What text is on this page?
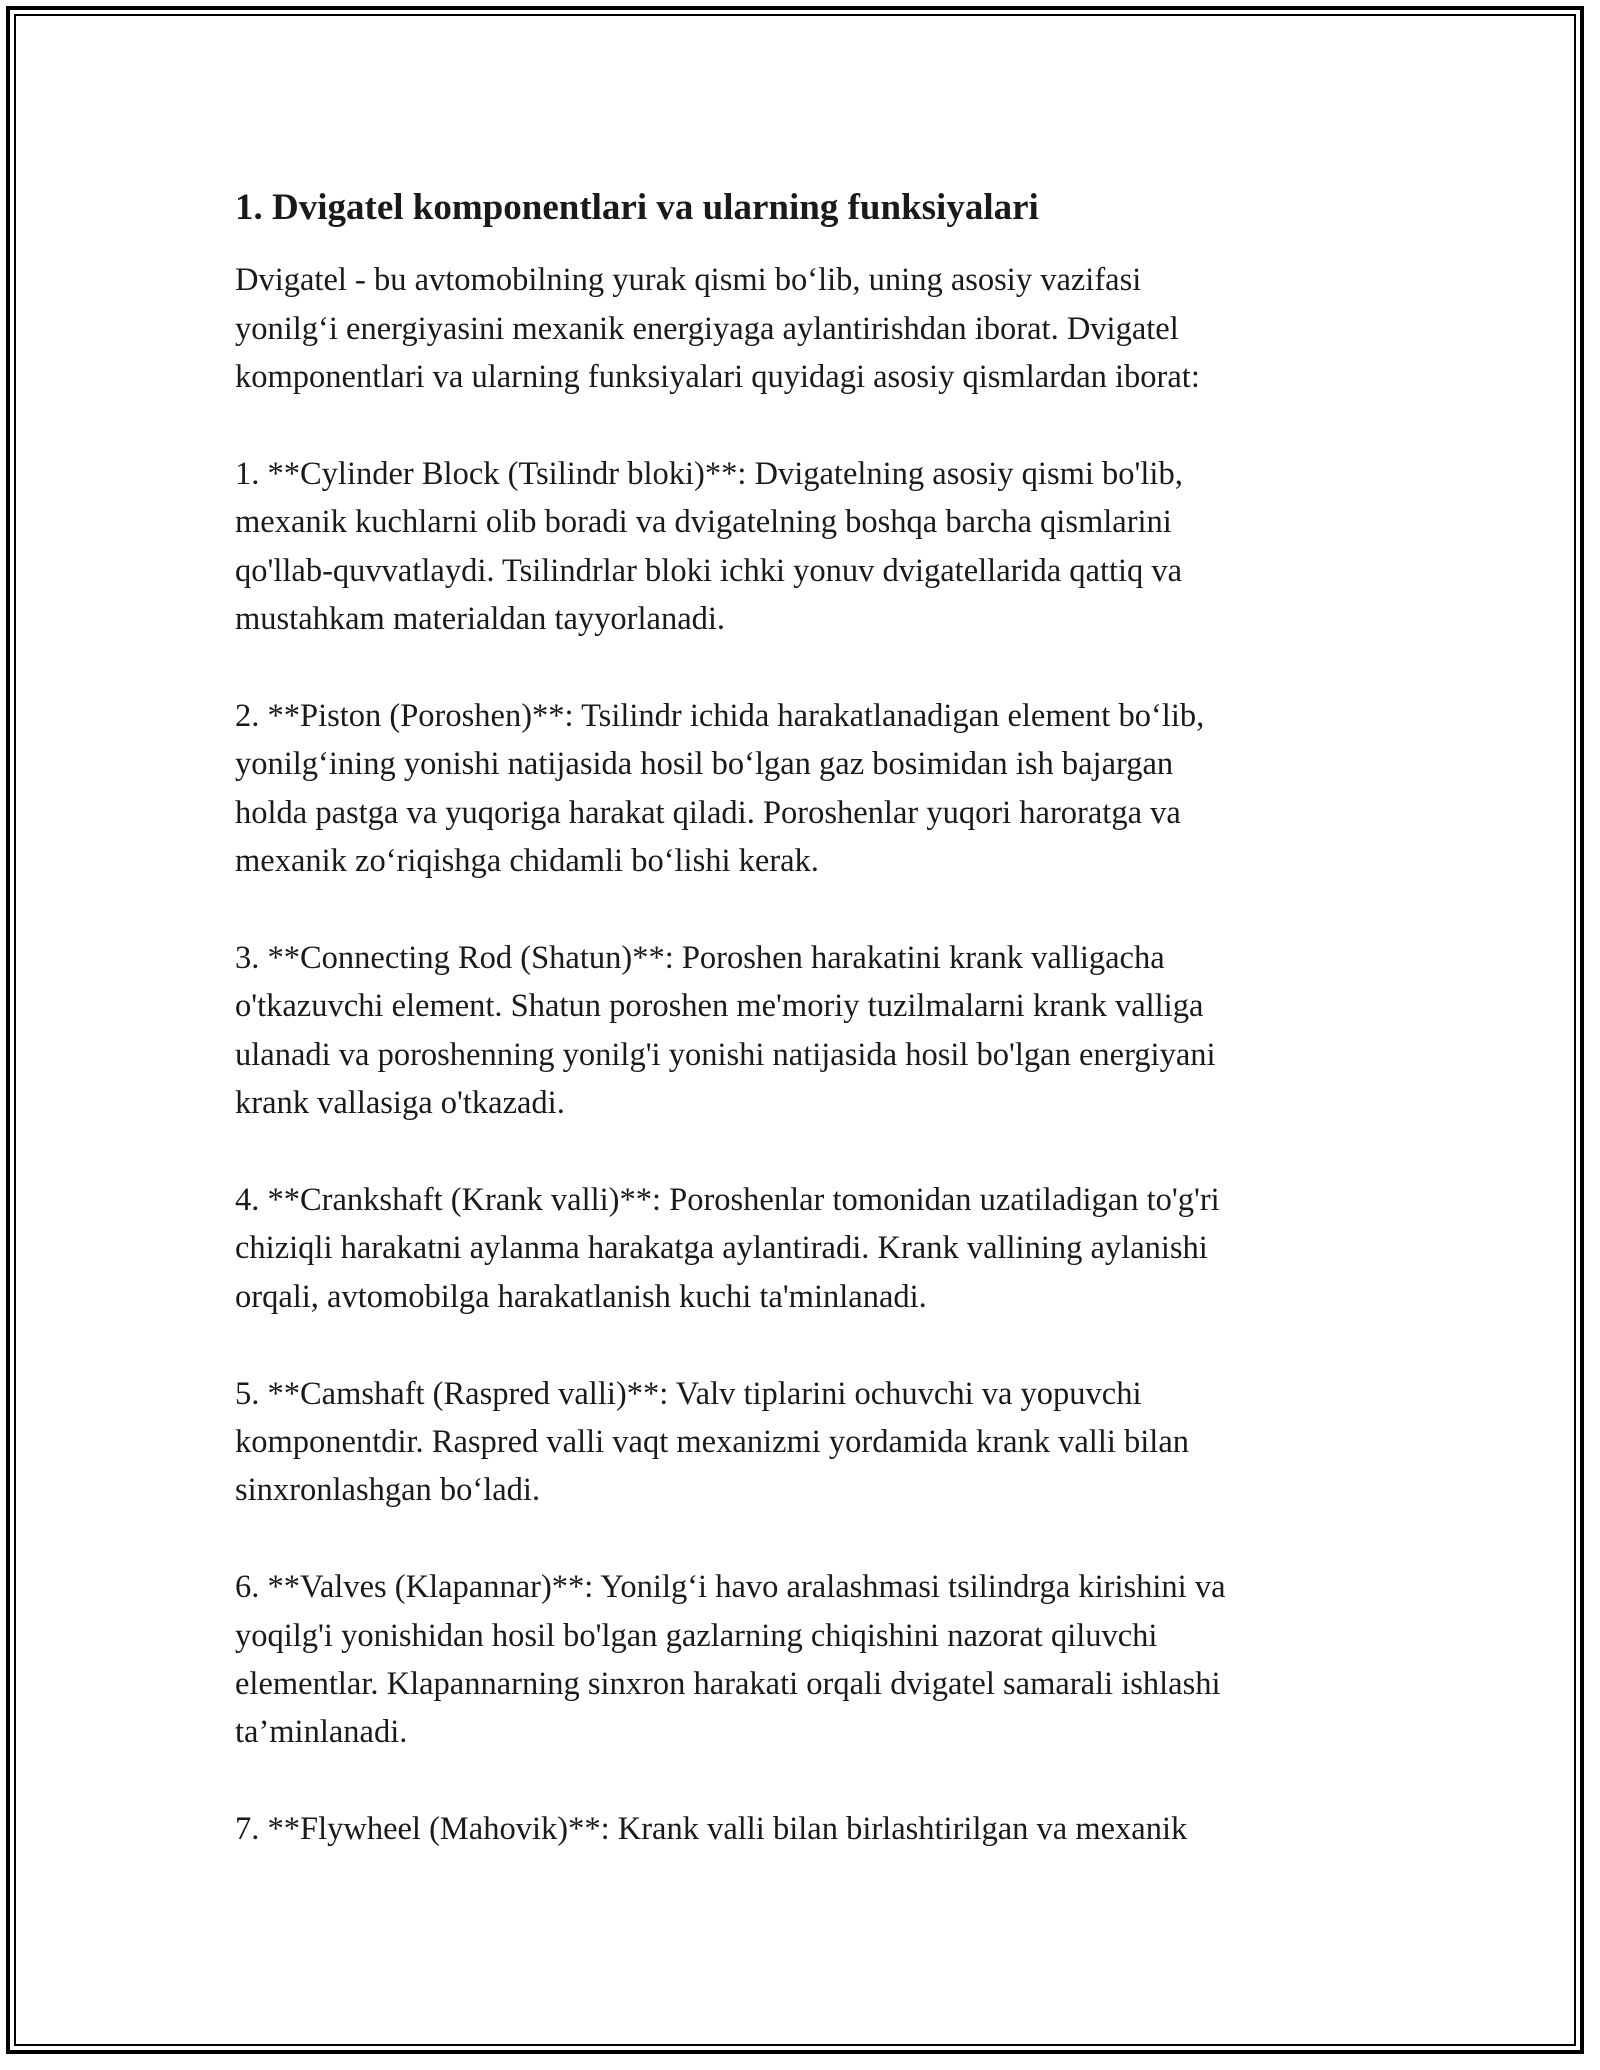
1. Dvigatel komponentlari va ularning funksiyalari

Dvigatel - bu avtomobilning yurak qismi bo‘lib, uning asosiy vazifasi
yonilg‘i energiyasini mexanik energiyaga aylantirishdan iborat. Dvigatel
komponentlari va ularning funksiyalari quyidagi asosiy qismlardan iborat:

1. **Cylinder Block (Tsilindr bloki)**: Dvigatelning asosiy qismi bo'lib,
mexanik kuchlarni olib boradi va dvigatelning boshqa barcha qismlarini
qo'llab-quvvatlaydi. Tsilindrlar bloki ichki yonuv dvigatellarida qattiq va
mustahkam materialdan tayyorlanadi.

2. **Piston (Poroshen)**: Tsilindr ichida harakatlanadigan element bo‘lib,
yonilg‘ining yonishi natijasida hosil bo‘lgan gaz bosimidan ish bajargan
holda pastga va yuqoriga harakat qiladi. Poroshenlar yuqori haroratga va
mexanik zo‘riqishga chidamli bo‘lishi kerak.

3. **Connecting Rod (Shatun)**: Poroshen harakatini krank valligacha
o'tkazuvchi element. Shatun poroshen me'moriy tuzilmalarni krank valliga
ulanadi va poroshenning yonilg'i yonishi natijasida hosil bo'lgan energiyani
krank vallasiga o'tkazadi.

4. **Crankshaft (Krank valli)**: Poroshenlar tomonidan uzatiladigan to'g'ri
chiziqli harakatni aylanma harakatga aylantiradi. Krank vallining aylanishi
orqali, avtomobilga harakatlanish kuchi ta'minlanadi.

5. **Camshaft (Raspred valli)**: Valv tiplarini ochuvchi va yopuvchi
komponentdir. Raspred valli vaqt mexanizmi yordamida krank valli bilan
sinxronlashgan bo‘ladi.

6. **Valves (Klapannar)**: Yonilg‘i havo aralashmasi tsilindrga kirishini va
yoqilg'i yonishidan hosil bo'lgan gazlarning chiqishini nazorat qiluvchi
elementlar. Klapannarning sinxron harakati orqali dvigatel samarali ishlashi
ta’minlanadi.

7. **Flywheel (Mahovik)**: Krank valli bilan birlashtirilgan va mexanik
